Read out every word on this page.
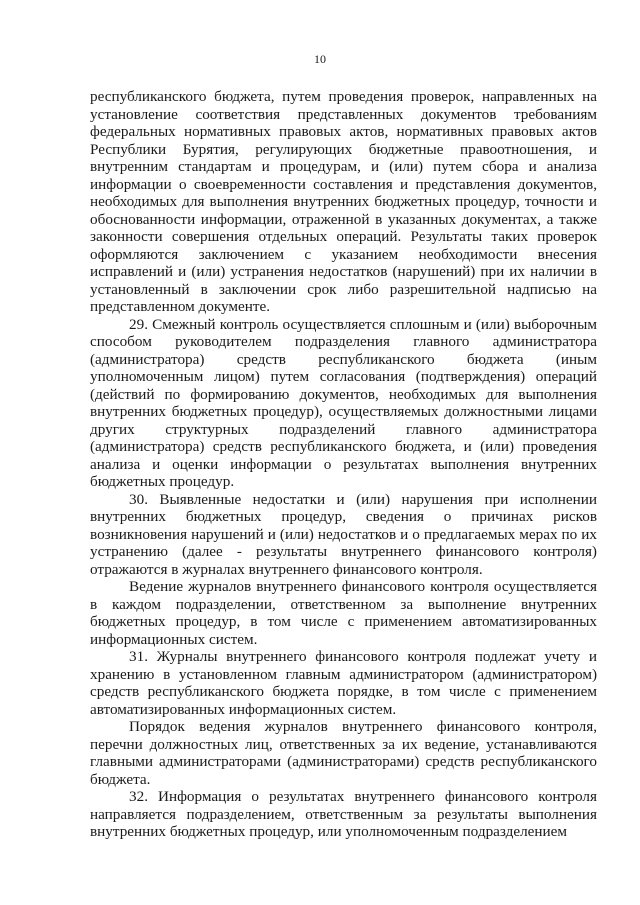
10

республиканского бюджета, путем проведения проверок, направленных на установление соответствия представленных документов требованиям федеральных нормативных правовых актов, нормативных правовых актов Республики Бурятия, регулирующих бюджетные правоотношения, и внутренним стандартам и процедурам, и (или) путем сбора и анализа информации о своевременности составления и представления документов, необходимых для выполнения внутренних бюджетных процедур, точности и обоснованности информации, отраженной в указанных документах, а также законности совершения отдельных операций. Результаты таких проверок оформляются заключением с указанием необходимости внесения исправлений и (или) устранения недостатков (нарушений) при их наличии в установленный в заключении срок либо разрешительной надписью на представленном документе.

29. Смежный контроль осуществляется сплошным и (или) выборочным способом руководителем подразделения главного администратора (администратора) средств республиканского бюджета (иным уполномоченным лицом) путем согласования (подтверждения) операций (действий по формированию документов, необходимых для выполнения внутренних бюджетных процедур), осуществляемых должностными лицами других структурных подразделений главного администратора (администратора) средств республиканского бюджета, и (или) проведения анализа и оценки информации о результатах выполнения внутренних бюджетных процедур.

30. Выявленные недостатки и (или) нарушения при исполнении внутренних бюджетных процедур, сведения о причинах рисков возникновения нарушений и (или) недостатков и о предлагаемых мерах по их устранению (далее - результаты внутреннего финансового контроля) отражаются в журналах внутреннего финансового контроля.

Ведение журналов внутреннего финансового контроля осуществляется в каждом подразделении, ответственном за выполнение внутренних бюджетных процедур, в том числе с применением автоматизированных информационных систем.

31. Журналы внутреннего финансового контроля подлежат учету и хранению в установленном главным администратором (администратором) средств республиканского бюджета порядке, в том числе с применением автоматизированных информационных систем.

Порядок ведения журналов внутреннего финансового контроля, перечни должностных лиц, ответственных за их ведение, устанавливаются главными администраторами (администраторами) средств республиканского бюджета.

32. Информация о результатах внутреннего финансового контроля направляется подразделением, ответственным за результаты выполнения внутренних бюджетных процедур, или уполномоченным подразделением
